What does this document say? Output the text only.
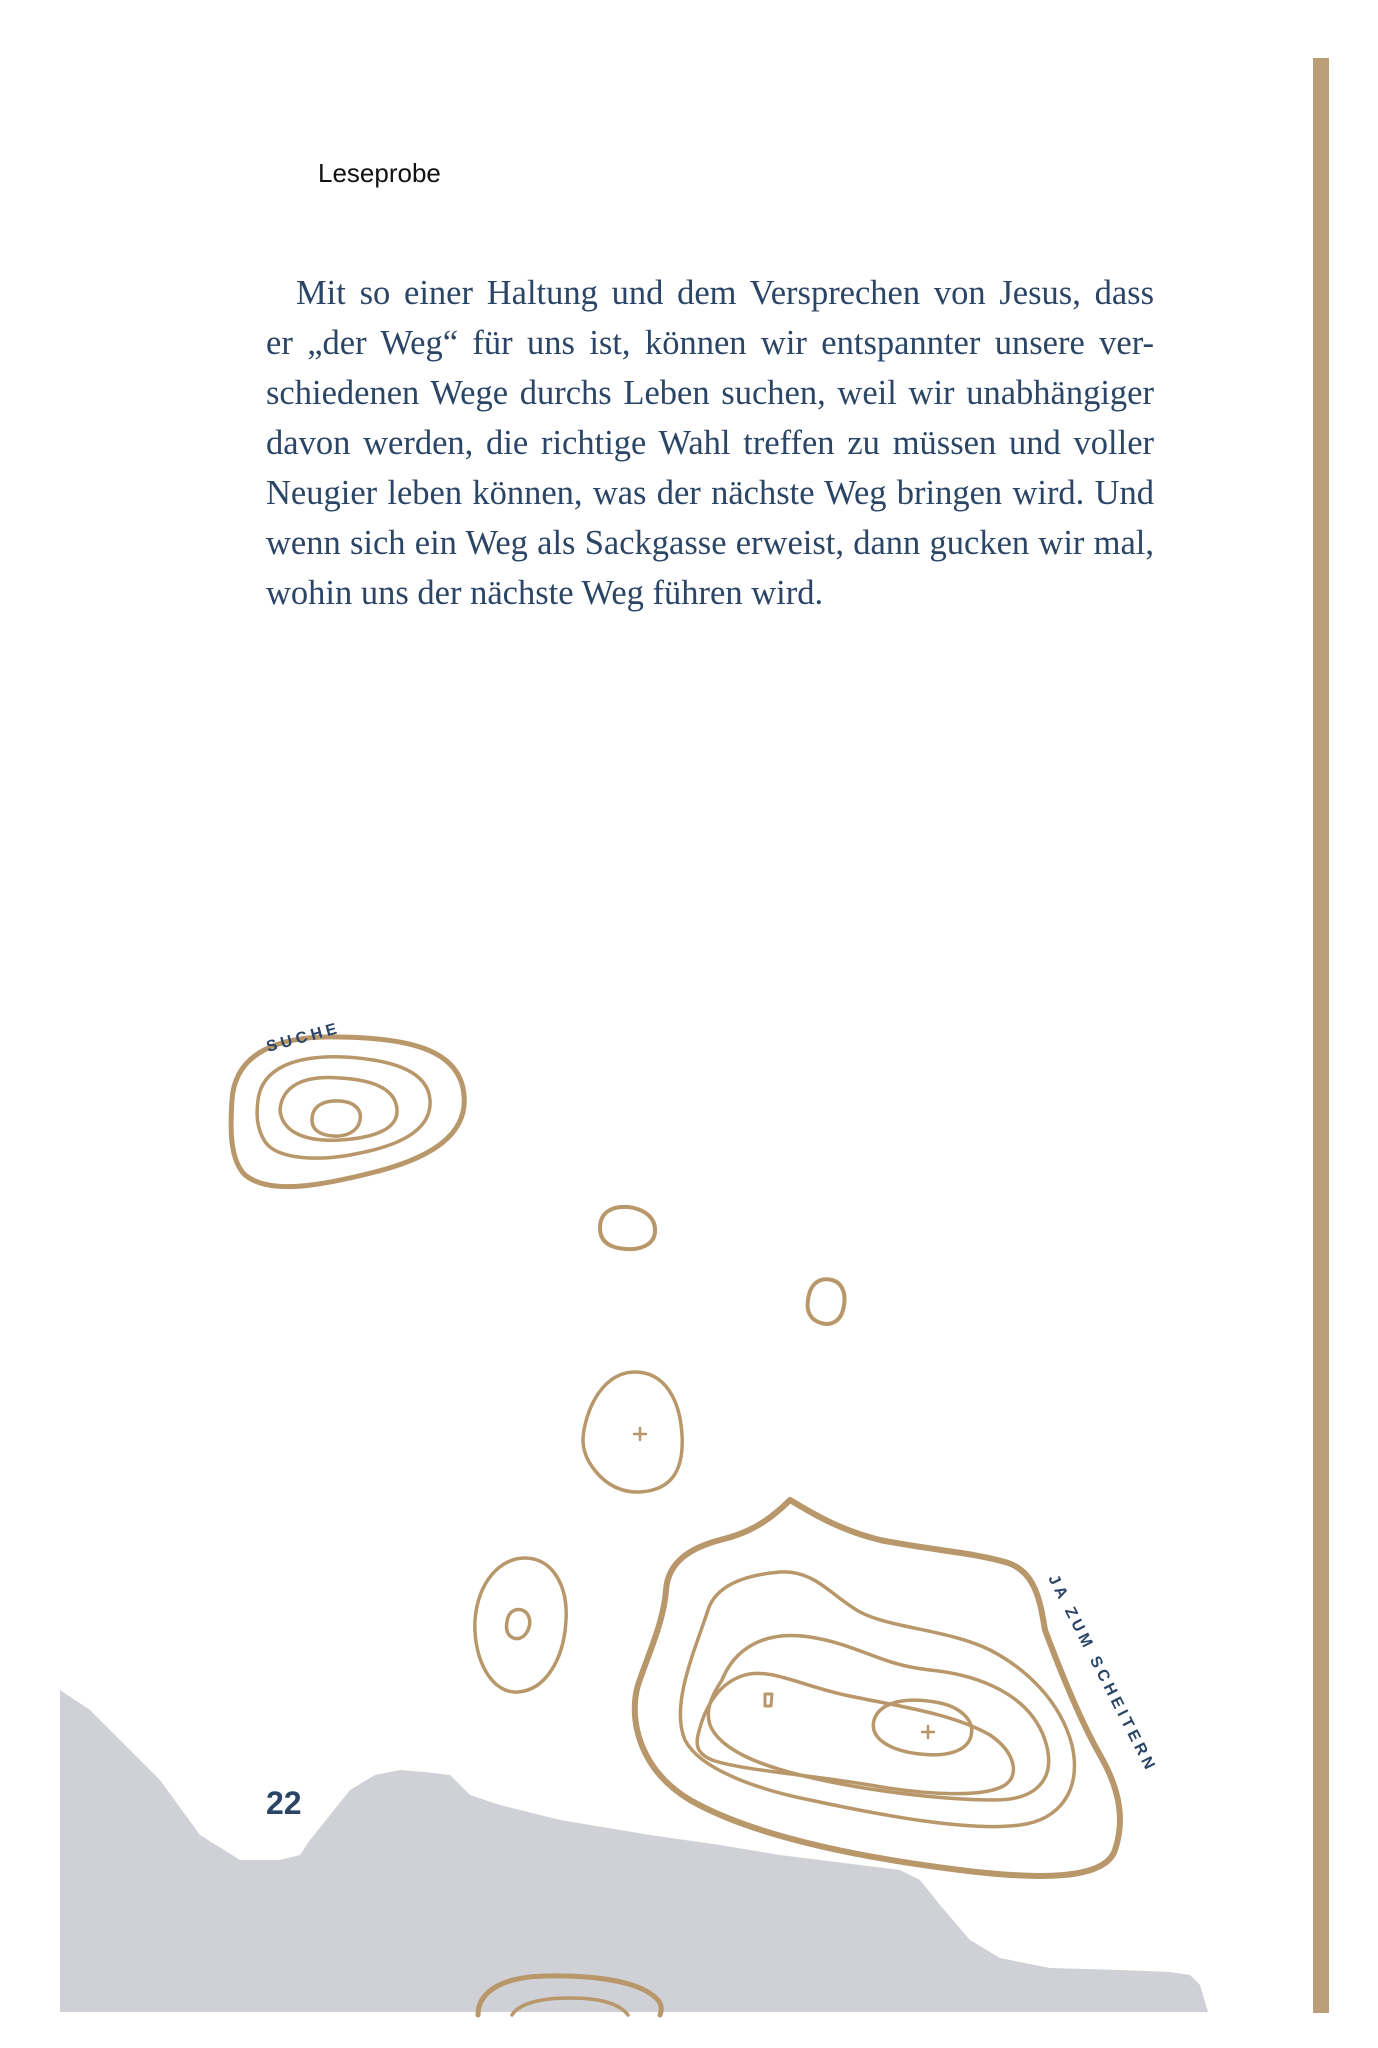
Leseprobe
Mit so einer Haltung und dem Versprechen von Jesus, dass
er „der Weg“ für uns ist, können wir entspannter unsere ver-
schiedenen Wege durchs Leben suchen, weil wir unabhängiger
davon werden, die richtige Wahl treffen zu müssen und voller
Neugier leben können, was der nächste Weg bringen wird. Und
wenn sich ein Weg als Sackgasse erweist, dann gucken wir mal,
wohin uns der nächste Weg führen wird.
SUCHE
JA ZUM SCHEITERN
22
